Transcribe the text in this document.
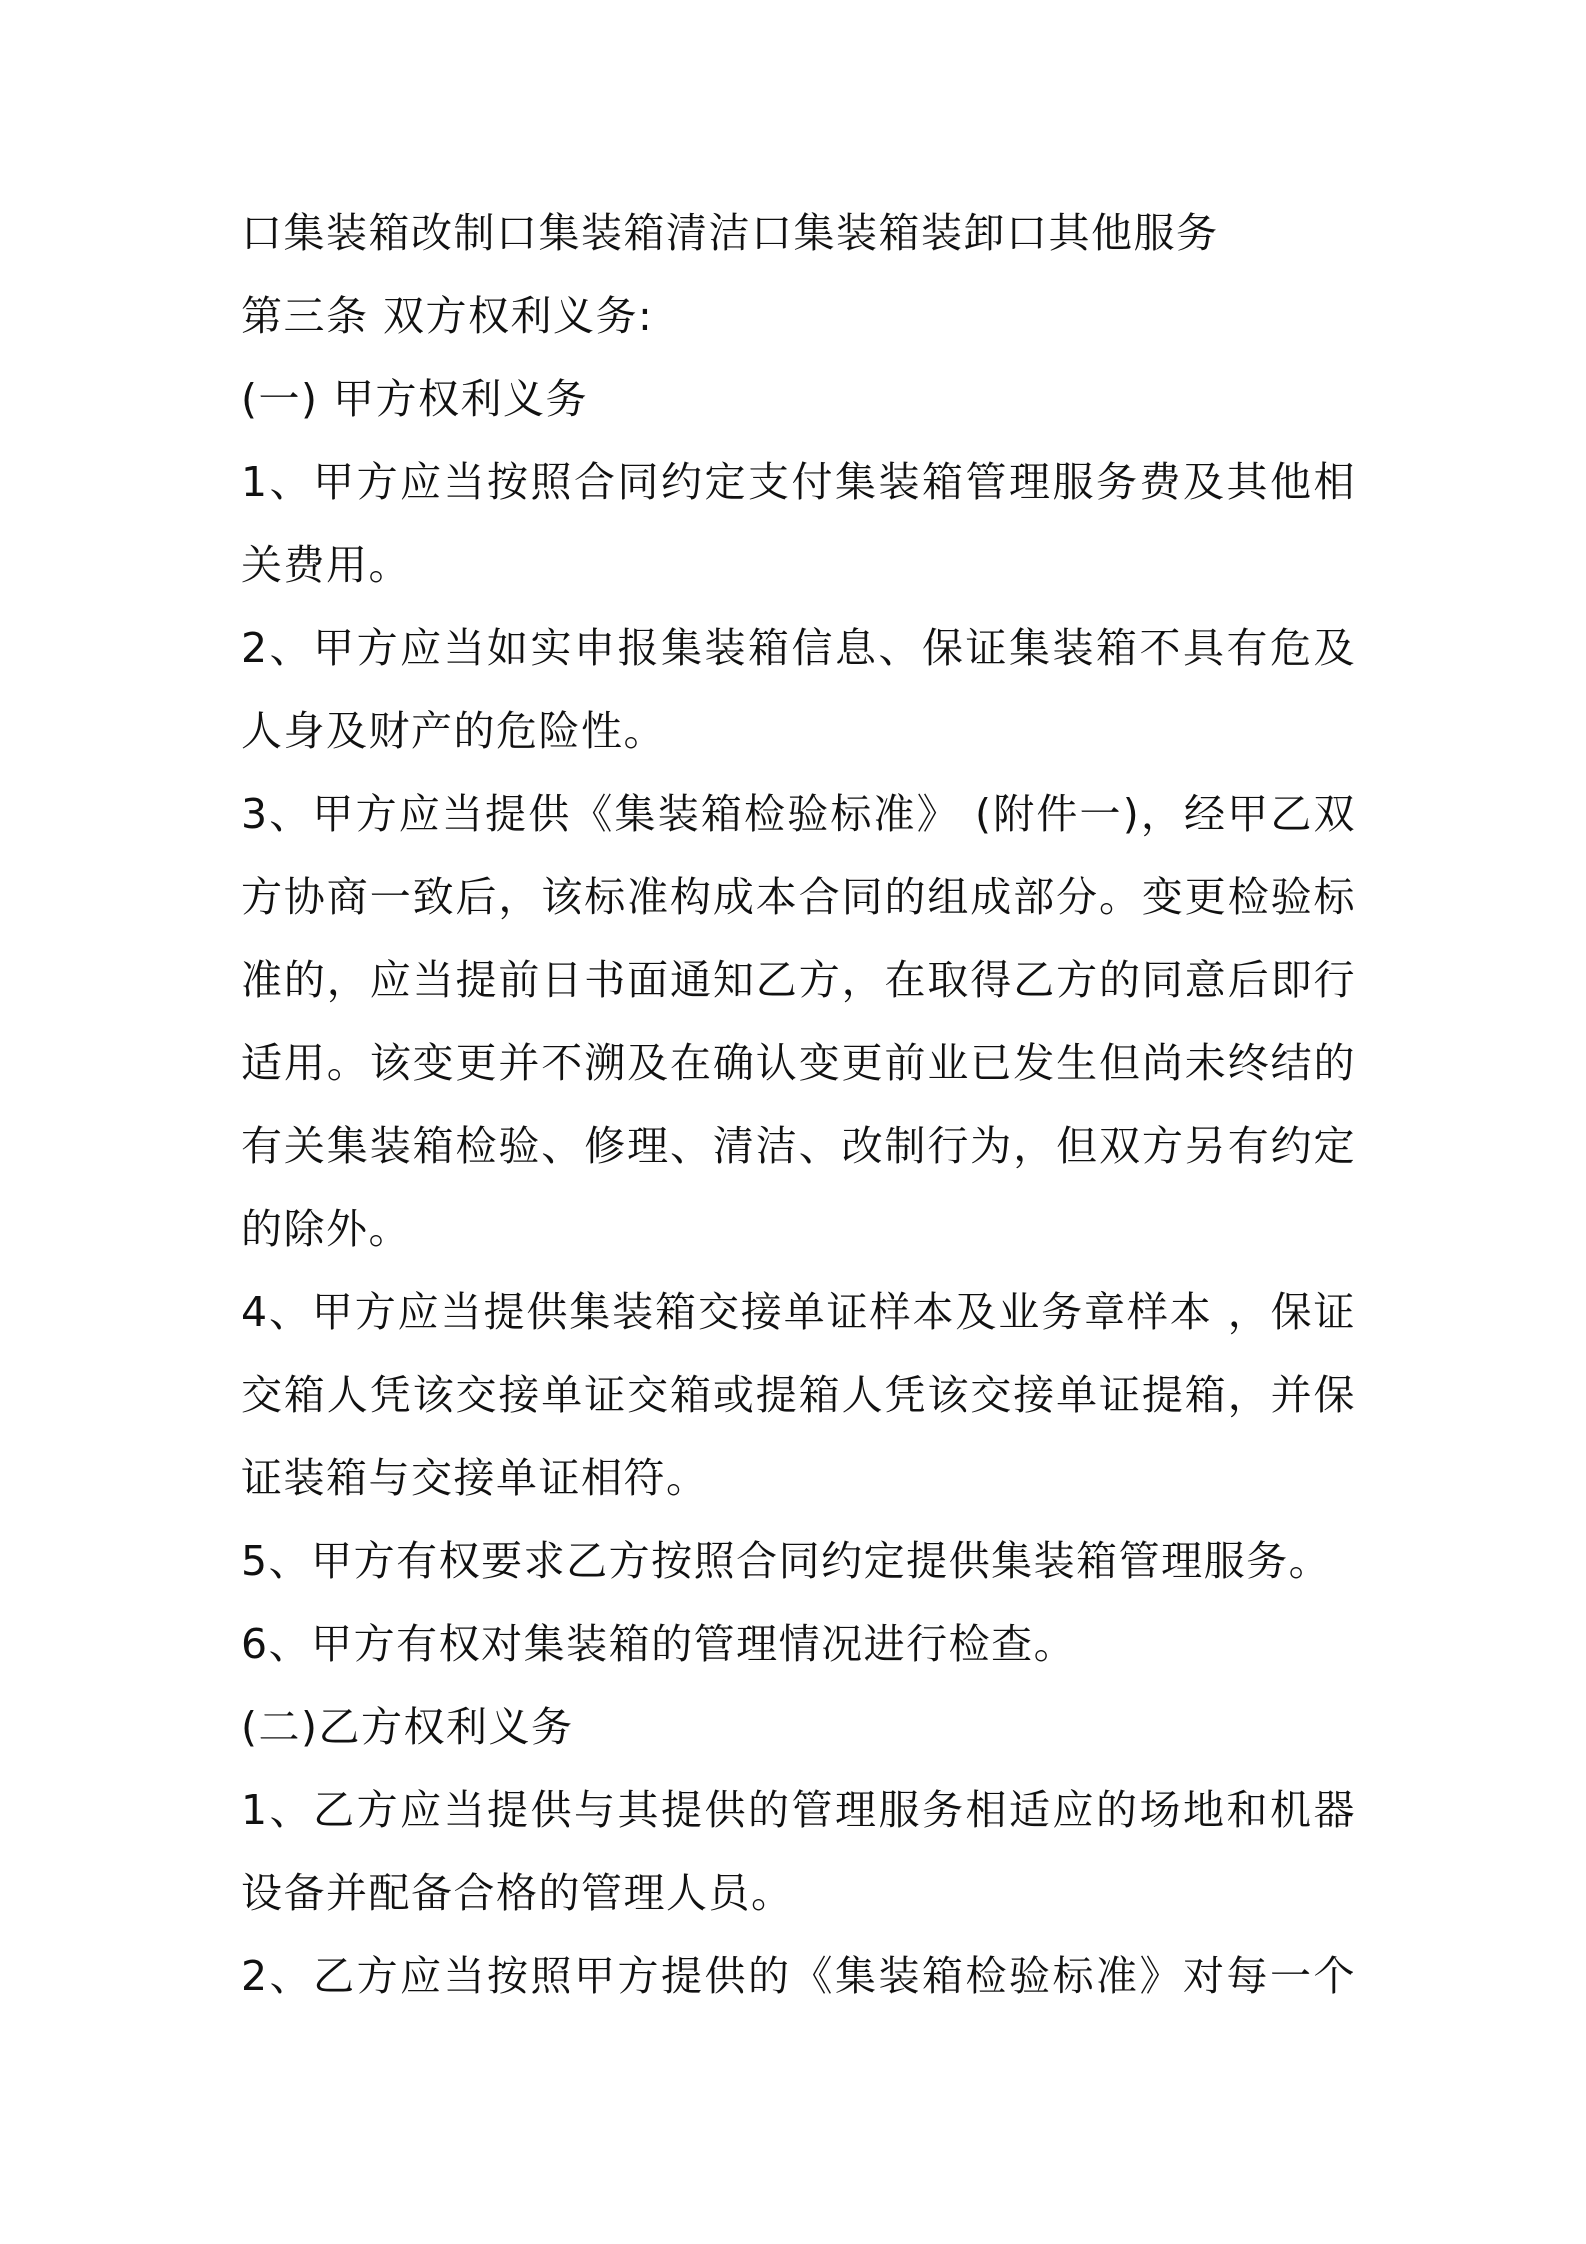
口集装箱改制口集装箱清洁口集装箱装卸口其他服务
第三条 双方权利义务:
(一) 甲方权利义务
1、甲方应当按照合同约定支付集装箱管理服务费及其他相
关费用。
2、甲方应当如实申报集装箱信息、保证集装箱不具有危及
人身及财产的危险性。
3、甲方应当提供《集装箱检验标准》 (附件一)，经甲乙双
方协商一致后，该标准构成本合同的组成部分。变更检验标
准的，应当提前日书面通知乙方，在取得乙方的同意后即行
适用。该变更并不溯及在确认变更前业已发生但尚未终结的
有关集装箱检验、修理、清洁、改制行为，但双方另有约定
的除外。
4、甲方应当提供集装箱交接单证样本及业务章样本 ，保证
交箱人凭该交接单证交箱或提箱人凭该交接单证提箱，并保
证装箱与交接单证相符。
5、甲方有权要求乙方按照合同约定提供集装箱管理服务。
6、甲方有权对集装箱的管理情况进行检查。
(二)乙方权利义务
1、乙方应当提供与其提供的管理服务相适应的场地和机器
设备并配备合格的管理人员。
2、乙方应当按照甲方提供的《集装箱检验标准》对每一个
